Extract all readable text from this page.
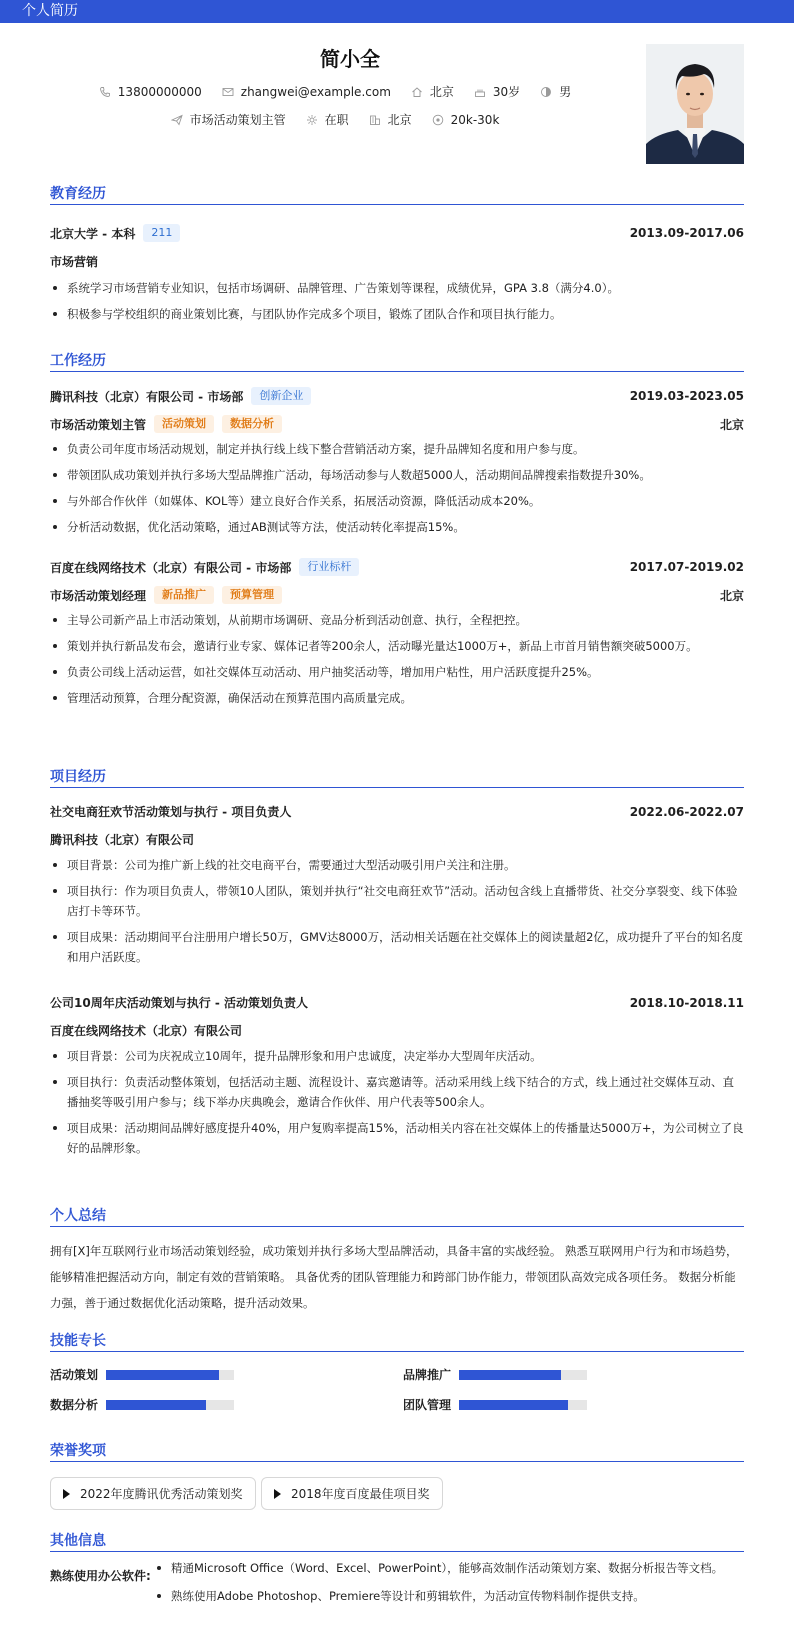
个人简历
简小全
13800000000	zhangwei@example.com	北京	30岁	男
市场活动策划主管	在职	北京	20k-30k
教育经历
北京大学 - 本科	211	2013.09-2017.06
市场营销
系统学习市场营销专业知识，包括市场调研、品牌管理、广告策划等课程，成绩优异，GPA 3.8（满分4.0）。
积极参与学校组织的商业策划比赛，与团队协作完成多个项目，锻炼了团队合作和项目执行能力。
工作经历
腾讯科技（北京）有限公司 - 市场部	创新企业	2019.03-2023.05
市场活动策划主管	活动策划	数据分析	北京
负责公司年度市场活动规划，制定并执行线上线下整合营销活动方案，提升品牌知名度和用户参与度。
带领团队成功策划并执行多场大型品牌推广活动，每场活动参与人数超5000人，活动期间品牌搜索指数提升30%。
与外部合作伙伴（如媒体、KOL等）建立良好合作关系，拓展活动资源，降低活动成本20%。
分析活动数据，优化活动策略，通过AB测试等方法，使活动转化率提高15%。
百度在线网络技术（北京）有限公司 - 市场部	行业标杆	2017.07-2019.02
市场活动策划经理	新品推广	预算管理	北京
主导公司新产品上市活动策划，从前期市场调研、竞品分析到活动创意、执行，全程把控。
策划并执行新品发布会，邀请行业专家、媒体记者等200余人，活动曝光量达1000万+，新品上市首月销售额突破5000万。
负责公司线上活动运营，如社交媒体互动活动、用户抽奖活动等，增加用户粘性，用户活跃度提升25%。
管理活动预算，合理分配资源，确保活动在预算范围内高质量完成。
项目经历
社交电商狂欢节活动策划与执行 - 项目负责人	2022.06-2022.07
腾讯科技（北京）有限公司
项目背景：公司为推广新上线的社交电商平台，需要通过大型活动吸引用户关注和注册。
项目执行：作为项目负责人，带领10人团队，策划并执行“社交电商狂欢节”活动。活动包含线上直播带货、社交分享裂变、线下体验店打卡等环节。
项目成果：活动期间平台注册用户增长50万，GMV达8000万，活动相关话题在社交媒体上的阅读量超2亿，成功提升了平台的知名度和用户活跃度。
公司10周年庆活动策划与执行 - 活动策划负责人	2018.10-2018.11
百度在线网络技术（北京）有限公司
项目背景：公司为庆祝成立10周年，提升品牌形象和用户忠诚度，决定举办大型周年庆活动。
项目执行：负责活动整体策划，包括活动主题、流程设计、嘉宾邀请等。活动采用线上线下结合的方式，线上通过社交媒体互动、直播抽奖等吸引用户参与；线下举办庆典晚会，邀请合作伙伴、用户代表等500余人。
项目成果：活动期间品牌好感度提升40%，用户复购率提高15%，活动相关内容在社交媒体上的传播量达5000万+，为公司树立了良好的品牌形象。
个人总结
拥有[X]年互联网行业市场活动策划经验，成功策划并执行多场大型品牌活动，具备丰富的实战经验。 熟悉互联网用户行为和市场趋势，能够精准把握活动方向，制定有效的营销策略。 具备优秀的团队管理能力和跨部门协作能力，带领团队高效完成各项任务。 数据分析能力强，善于通过数据优化活动策略，提升活动效果。
技能专长
活动策划	品牌推广
数据分析	团队管理
荣誉奖项
2022年度腾讯优秀活动策划奖	2018年度百度最佳项目奖
其他信息
熟练使用办公软件:
精通Microsoft Office（Word、Excel、PowerPoint），能够高效制作活动策划方案、数据分析报告等文档。
熟练使用Adobe Photoshop、Premiere等设计和剪辑软件，为活动宣传物料制作提供支持。
